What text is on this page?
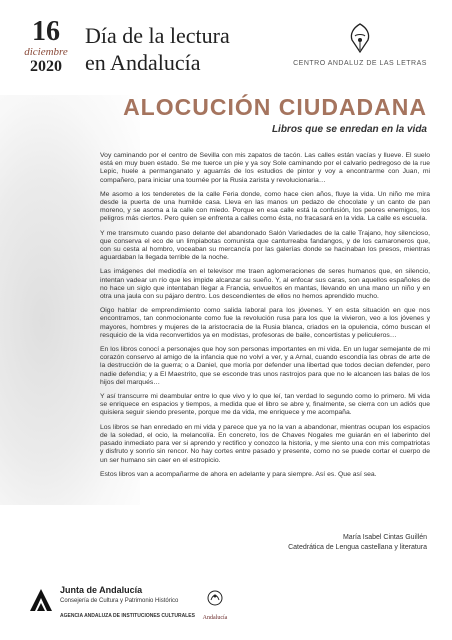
16
diciembre
2020
Día de la lectura
en Andalucía	CENTRO ANDALUZ DE LAS LETRAS
ALOCUCIÓN CIUDADANA
Libros que se enredan en la vida

Voy caminando por el centro de Sevilla con mis zapatos de tacón. Las calles están vacías y llueve. El suelo está en muy buen estado. Se me tuerce un pie y ya soy Sole caminando por el calvario pedregoso de la rue Lepic, huele a permanganato y aguarrás de los estudios de pintor y voy a encontrarme con Juan, mi compañero, para iniciar una tournée por la Rusia zarista y revolucionaria…

Me asomo a los tenderetes de la calle Feria donde, como hace cien años, fluye la vida. Un niño me mira desde la puerta de una humilde casa. Lleva en las manos un pedazo de chocolate y un canto de pan moreno, y se asoma a la calle con miedo. Porque en esa calle está la confusión, los peores enemigos, los peligros más ciertos. Pero quien se enfrenta a calles como ésta, no fracasará en la vida. La calle es escuela.

Y me transmuto cuando paso delante del abandonado Salón Variedades de la calle Trajano, hoy silencioso, que conserva el eco de un limpiabotas comunista que canturreaba fandangos, y de los camaroneros que, con su cesta al hombro, voceaban su mercancía por las galerías donde se hacinaban los presos, mientras aguardaban la llegada terrible de la noche.

Las imágenes del mediodía en el televisor me traen aglomeraciones de seres humanos que, en silencio, intentan vadear un río que les impide alcanzar su sueño. Y, al enfocar sus caras, son aquellos españoles de no hace un siglo que intentaban llegar a Francia, envueltos en mantas, llevando en una mano un niño y en otra una jaula con su pájaro dentro. Los descendientes de ellos no hemos aprendido mucho.

Oigo hablar de emprendimiento como salida laboral para los jóvenes. Y en esta situación en que nos encontramos, tan conmocionante como fue la revolución rusa para los que la vivieron, veo a los jóvenes y mayores, hombres y mujeres de la aristocracia de la Rusia blanca, criados en la opulencia, cómo buscan el resquicio de la vida reconvertidos ya en modistas, profesoras de baile, concertistas y peliculeros…

En los libros conocí a personajes que hoy son personas importantes en mi vida. En un lugar semejante de mi corazón conservo al amigo de la infancia que no volví a ver, y a Arnal, cuando escondía las obras de arte de la destrucción de la guerra; o a Daniel, que moría por defender una libertad que todos decían defender, pero nadie defendía; y a El Maestrito, que se esconde tras unos rastrojos para que no le alcancen las balas de los hijos del marqués…

Y así transcurre mi deambular entre lo que vivo y lo que leí, tan verdad lo segundo como lo primero. Mi vida se enriquece en espacios y tiempos, a medida que el libro se abre y, finalmente, se cierra con un adiós que quisiera seguir siendo presente, porque me da vida, me enriquece y me acompaña.

Los libros se han enredado en mi vida y parece que ya no la van a abandonar, mientras ocupan los espacios de la soledad, el ocio, la melancolía. En concreto, los de Chaves Nogales me guiarán en el laberinto del pasado inmediato para ver si aprendo y rectifico y conozco la historia, y me siento una con mis compatriotas y disfruto y sonrío sin rencor. No hay cortes entre pasado y presente, como no se puede cortar el cuerpo de un ser humano sin caer en el estropicio.

Estos libros van a acompañarme de ahora en adelante y para siempre. Así es. Que así sea.

María Isabel Cintas Guillén
Catedrática de Lengua castellana y literatura
Junta de Andalucía
Consejería de Cultura y Patrimonio Histórico
AGENCIA ANDALUZA DE INSTITUCIONES CULTURALES	Andalucía
